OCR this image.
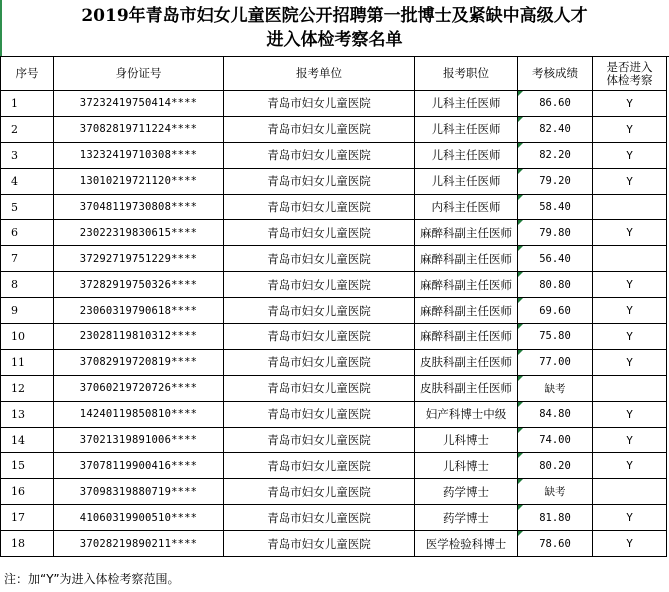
2019年青岛市妇女儿童医院公开招聘第一批博士及紧缺中高级人才
进入体检考察名单
序号	身份证号	报考单位	报考职位	考核成绩	是否进入
体检考察

1	37232419750414****	青岛市妇女儿童医院	儿科主任医师	86.60	Y
2	37082819711224****	青岛市妇女儿童医院	儿科主任医师	82.40	Y
3	13232419710308****	青岛市妇女儿童医院	儿科主任医师	82.20	Y
4	13010219721120****	青岛市妇女儿童医院	儿科主任医师	79.20	Y
5	37048119730808****	青岛市妇女儿童医院	内科主任医师	58.40	
6	23022319830615****	青岛市妇女儿童医院	麻醉科副主任医师	79.80	Y
7	37292719751229****	青岛市妇女儿童医院	麻醉科副主任医师	56.40	
8	37282919750326****	青岛市妇女儿童医院	麻醉科副主任医师	80.80	Y
9	23060319790618****	青岛市妇女儿童医院	麻醉科副主任医师	69.60	Y
10	23028119810312****	青岛市妇女儿童医院	麻醉科副主任医师	75.80	Y
11	37082919720819****	青岛市妇女儿童医院	皮肤科副主任医师	77.00	Y
12	37060219720726****	青岛市妇女儿童医院	皮肤科副主任医师	缺考	
13	14240119850810****	青岛市妇女儿童医院	妇产科博士中级	84.80	Y
14	37021319891006****	青岛市妇女儿童医院	儿科博士	74.00	Y
15	37078119900416****	青岛市妇女儿童医院	儿科博士	80.20	Y
16	37098319880719****	青岛市妇女儿童医院	药学博士	缺考	
17	41060319900510****	青岛市妇女儿童医院	药学博士	81.80	Y
18	37028219890211****	青岛市妇女儿童医院	医学检验科博士	78.60	Y
注：加“Y”为进入体检考察范围。
